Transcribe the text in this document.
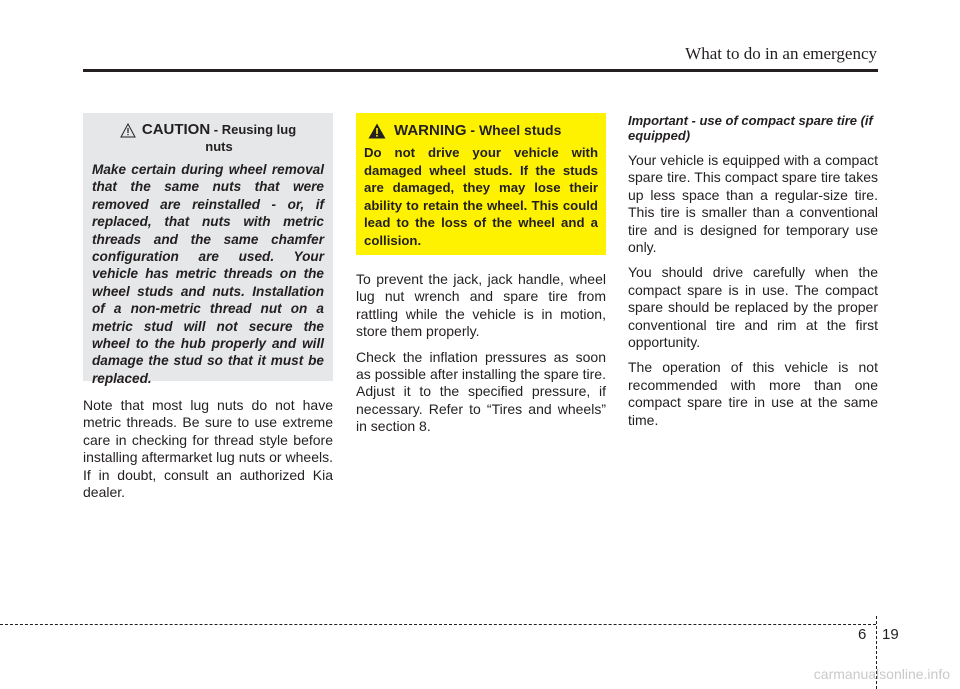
What to do in an emergency
CAUTION - Reusing lug
nuts
Make certain during wheel removal that the same nuts that were removed are reinstalled - or, if replaced, that nuts with metric threads and the same chamfer configuration are used. Your vehicle has metric threads on the wheel studs and nuts. Installation of a non-metric thread nut on a metric stud will not secure the wheel to the hub properly and will damage the stud so that it must be replaced.

Note that most lug nuts do not have metric threads. Be sure to use extreme care in checking for thread style before installing aftermarket lug nuts or wheels. If in doubt, consult an authorized Kia dealer.

WARNING - Wheel studs
Do not drive your vehicle with damaged wheel studs. If the studs are damaged, they may lose their ability to retain the wheel. This could lead to the loss of the wheel and a collision.

To prevent the jack, jack handle, wheel lug nut wrench and spare tire from rattling while the vehicle is in motion, store them properly.

Check the inflation pressures as soon as possible after installing the spare tire. Adjust it to the specified pressure, if necessary. Refer to “Tires and wheels” in section 8.

Important - use of compact spare tire (if equipped)

Your vehicle is equipped with a compact spare tire. This compact spare tire takes up less space than a regular-size tire. This tire is smaller than a conventional tire and is designed for temporary use only.

You should drive carefully when the compact spare is in use. The compact spare should be replaced by the proper conventional tire and rim at the first opportunity.

The operation of this vehicle is not recommended with more than one compact spare tire in use at the same time.

6 19
carmanualsonline.info
